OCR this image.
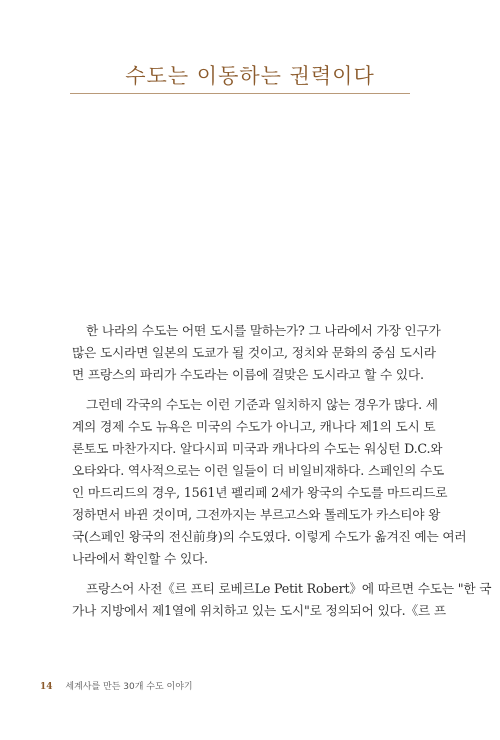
수도는 이동하는 권력이다
한 나라의 수도는 어떤 도시를 말하는가? 그 나라에서 가장 인구가
많은 도시라면 일본의 도쿄가 될 것이고, 정치와 문화의 중심 도시라
면 프랑스의 파리가 수도라는 이름에 걸맞은 도시라고 할 수 있다.
그런데 각국의 수도는 이런 기준과 일치하지 않는 경우가 많다. 세
계의 경제 수도 뉴욕은 미국의 수도가 아니고, 캐나다 제1의 도시 토
론토도 마찬가지다. 알다시피 미국과 캐나다의 수도는 워싱턴 D.C.와
오타와다. 역사적으로는 이런 일들이 더 비일비재하다. 스페인의 수도
인 마드리드의 경우, 1561년 펠리페 2세가 왕국의 수도를 마드리드로
정하면서 바뀐 것이며, 그전까지는 부르고스와 톨레도가 카스티야 왕
국(스페인 왕국의 전신前身)의 수도였다. 이렇게 수도가 옮겨진 예는 여러
나라에서 확인할 수 있다.
프랑스어 사전《르 프티 로베르Le Petit Robert》에 따르면 수도는 "한 국
가나 지방에서 제1열에 위치하고 있는 도시"로 정의되어 있다.《르 프
14 세계사를 만든 30개 수도 이야기
